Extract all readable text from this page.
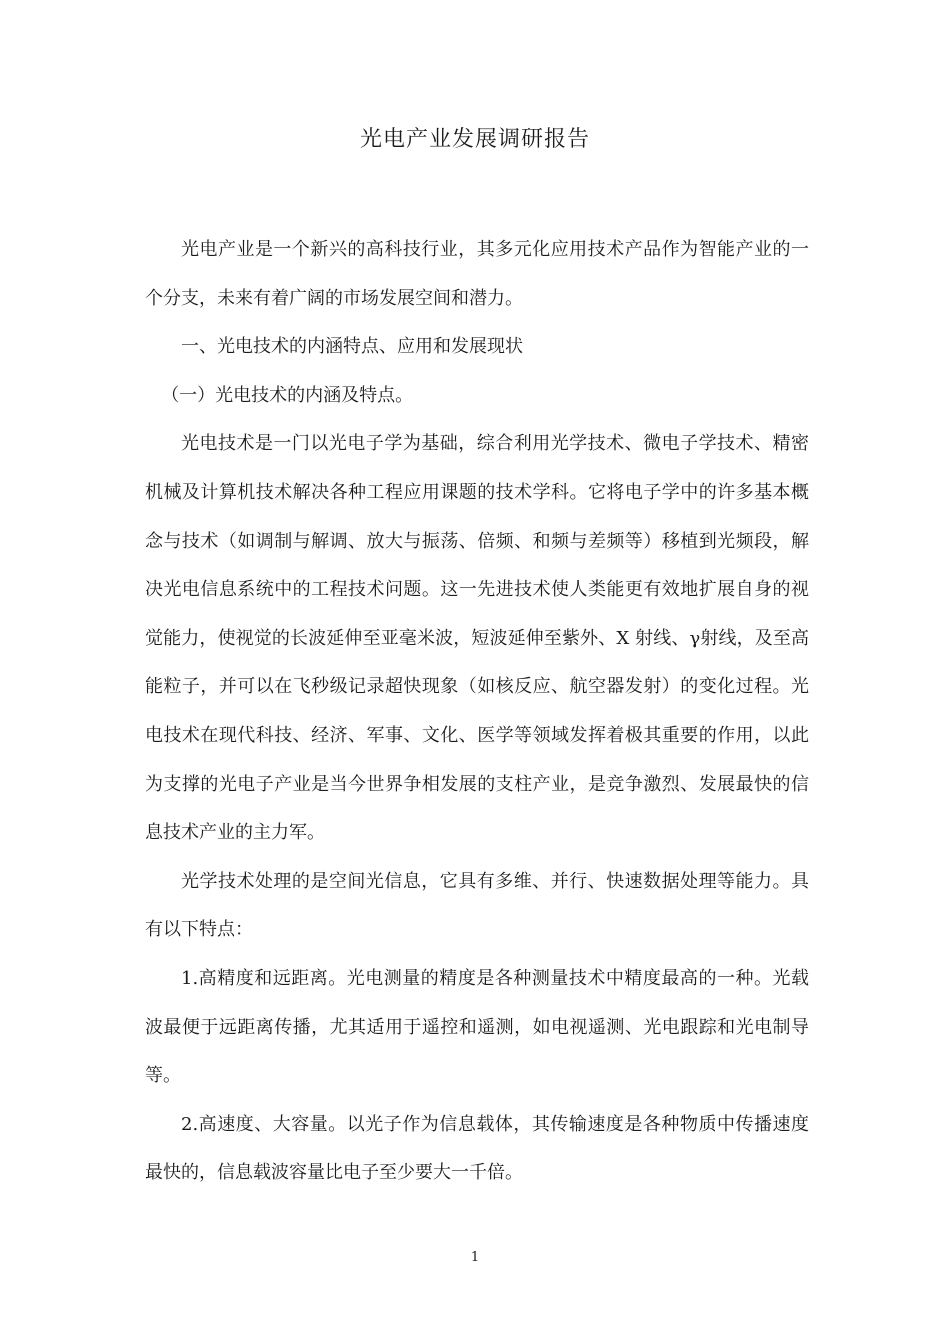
光电产业发展调研报告

光电产业是一个新兴的高科技行业，其多元化应用技术产品作为智能产业的一个分支，未来有着广阔的市场发展空间和潜力。

一、光电技术的内涵特点、应用和发展现状

（一）光电技术的内涵及特点。

光电技术是一门以光电子学为基础，综合利用光学技术、微电子学技术、精密机械及计算机技术解决各种工程应用课题的技术学科。它将电子学中的许多基本概念与技术（如调制与解调、放大与振荡、倍频、和频与差频等）移植到光频段，解决光电信息系统中的工程技术问题。这一先进技术使人类能更有效地扩展自身的视觉能力，使视觉的长波延伸至亚毫米波，短波延伸至紫外、X 射线、γ射线，及至高能粒子，并可以在飞秒级记录超快现象（如核反应、航空器发射）的变化过程。光电技术在现代科技、经济、军事、文化、医学等领域发挥着极其重要的作用，以此为支撑的光电子产业是当今世界争相发展的支柱产业，是竞争激烈、发展最快的信息技术产业的主力军。

光学技术处理的是空间光信息，它具有多维、并行、快速数据处理等能力。具有以下特点：

1.高精度和远距离。光电测量的精度是各种测量技术中精度最高的一种。光载波最便于远距离传播，尤其适用于遥控和遥测，如电视遥测、光电跟踪和光电制导等。

2.高速度、大容量。以光子作为信息载体，其传输速度是各种物质中传播速度最快的，信息载波容量比电子至少要大一千倍。

1
